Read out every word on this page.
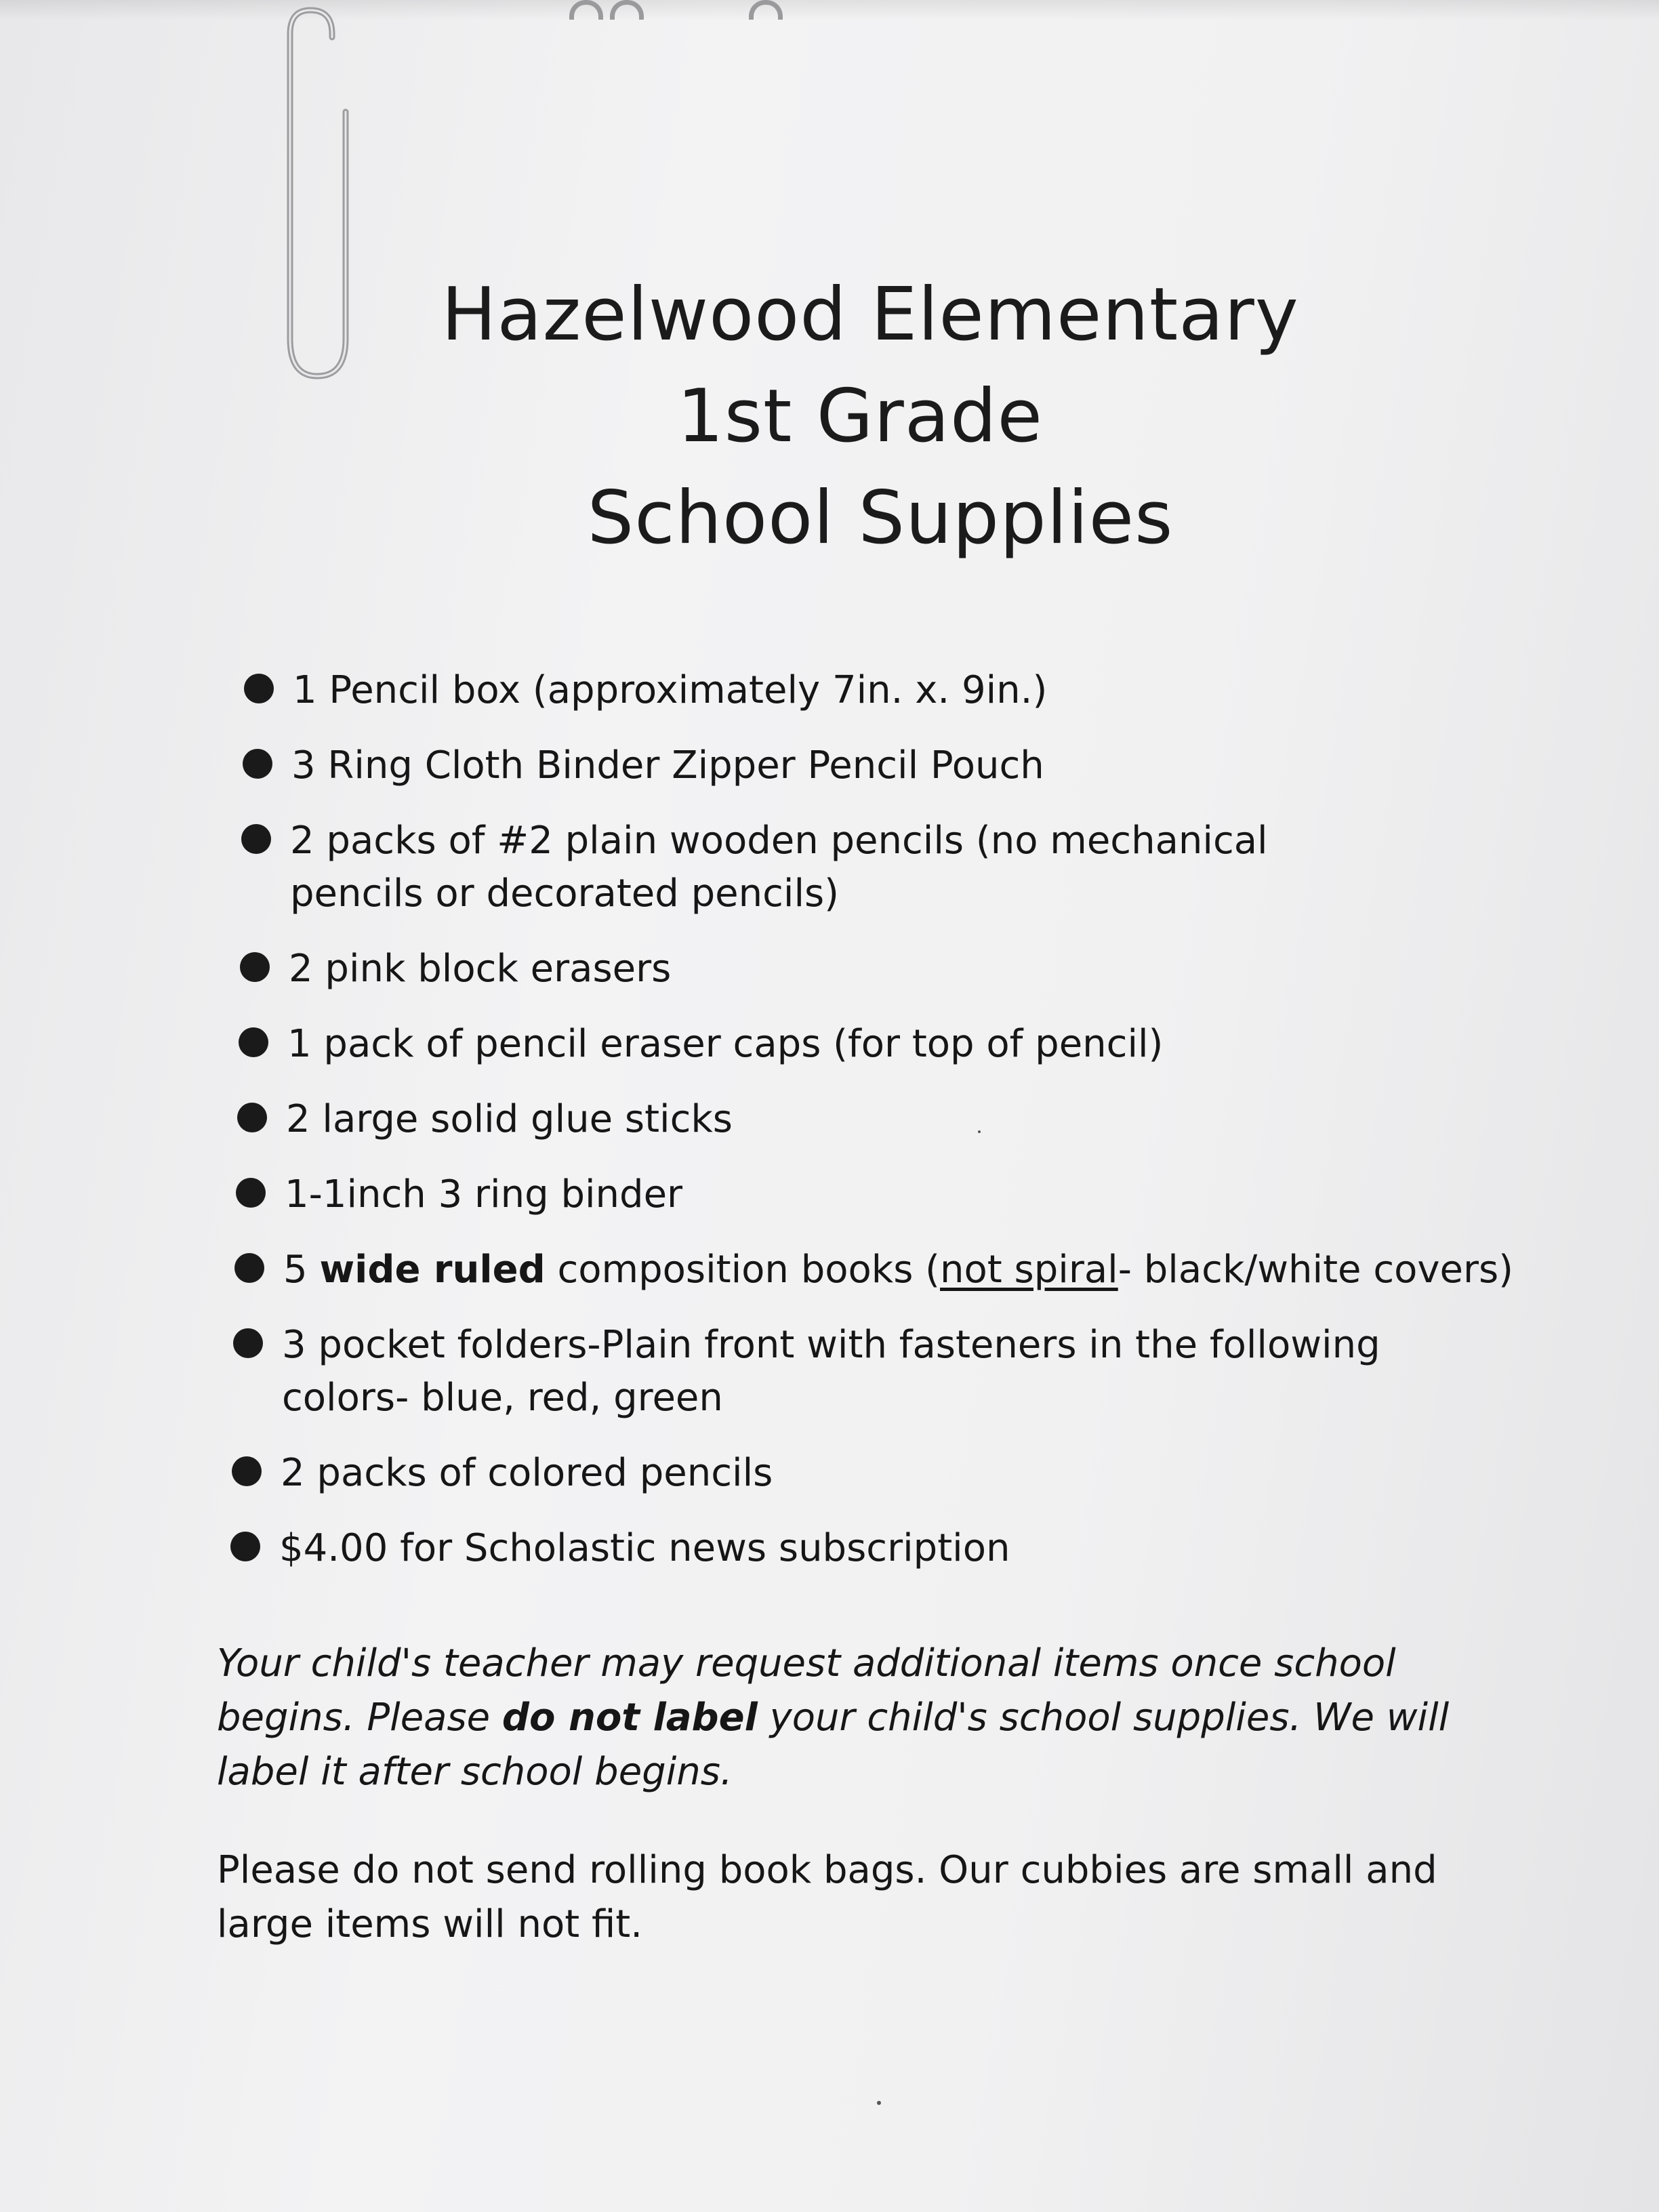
Hazelwood Elementary
1st Grade
School Supplies
1 Pencil box (approximately 7in. x. 9in.)
3 Ring Cloth Binder Zipper Pencil Pouch
2 packs of #2 plain wooden pencils (no mechanical pencils or decorated pencils)
2 pink block erasers
1 pack of pencil eraser caps (for top of pencil)
2 large solid glue sticks
1-1inch 3 ring binder
5 wide ruled composition books (not spiral- black/white covers)
3 pocket folders-Plain front with fasteners in the following colors- blue, red, green
2 packs of colored pencils
$4.00 for Scholastic news subscription

Your child's teacher may request additional items once school begins. Please do not label your child's school supplies. We will label it after school begins.

Please do not send rolling book bags. Our cubbies are small and large items will not fit.
